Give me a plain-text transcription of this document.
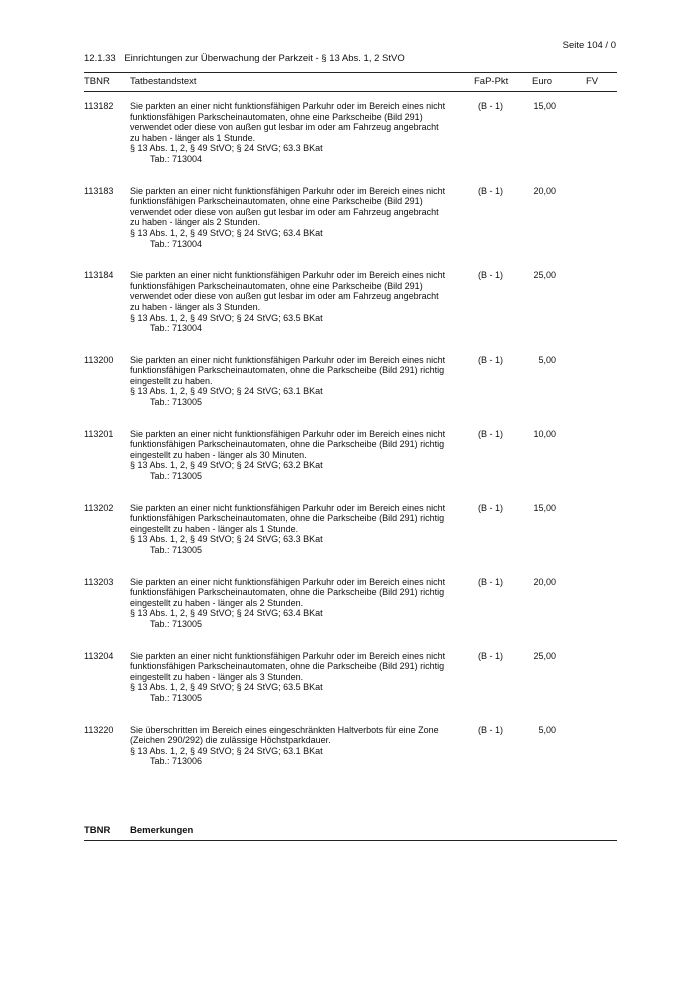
Seite 104 / 0
12.1.33 Einrichtungen zur Überwachung der Parkzeit - § 13 Abs. 1, 2 StVO
TBNR Tatbestandstext	FaP-Pkt Euro	FV
113182 Sie parkten an einer nicht funktionsfähigen Parkuhr oder im Bereich eines nicht
funktionsfähigen Parkscheinautomaten, ohne eine Parkscheibe (Bild 291)
verwendet oder diese von außen gut lesbar im oder am Fahrzeug angebracht
zu haben - länger als 1 Stunde.
§ 13 Abs. 1, 2, § 49 StVO; § 24 StVG; 63.3 BKat
Tab.: 713004
(B - 1)	15,00
113183 Sie parkten an einer nicht funktionsfähigen Parkuhr oder im Bereich eines nicht
funktionsfähigen Parkscheinautomaten, ohne eine Parkscheibe (Bild 291)
verwendet oder diese von außen gut lesbar im oder am Fahrzeug angebracht
zu haben - länger als 2 Stunden.
§ 13 Abs. 1, 2, § 49 StVO; § 24 StVG; 63.4 BKat
Tab.: 713004
(B - 1)	20,00
113184 Sie parkten an einer nicht funktionsfähigen Parkuhr oder im Bereich eines nicht
funktionsfähigen Parkscheinautomaten, ohne eine Parkscheibe (Bild 291)
verwendet oder diese von außen gut lesbar im oder am Fahrzeug angebracht
zu haben - länger als 3 Stunden.
§ 13 Abs. 1, 2, § 49 StVO; § 24 StVG; 63.5 BKat
Tab.: 713004
(B - 1)	25,00
113200 Sie parkten an einer nicht funktionsfähigen Parkuhr oder im Bereich eines nicht
funktionsfähigen Parkscheinautomaten, ohne die Parkscheibe (Bild 291) richtig
eingestellt zu haben.
§ 13 Abs. 1, 2, § 49 StVO; § 24 StVG; 63.1 BKat
Tab.: 713005
(B - 1)	5,00
113201 Sie parkten an einer nicht funktionsfähigen Parkuhr oder im Bereich eines nicht
funktionsfähigen Parkscheinautomaten, ohne die Parkscheibe (Bild 291) richtig
eingestellt zu haben - länger als 30 Minuten.
§ 13 Abs. 1, 2, § 49 StVO; § 24 StVG; 63.2 BKat
Tab.: 713005
(B - 1)	10,00
113202 Sie parkten an einer nicht funktionsfähigen Parkuhr oder im Bereich eines nicht
funktionsfähigen Parkscheinautomaten, ohne die Parkscheibe (Bild 291) richtig
eingestellt zu haben - länger als 1 Stunde.
§ 13 Abs. 1, 2, § 49 StVO; § 24 StVG; 63.3 BKat
Tab.: 713005
(B - 1)	15,00
113203 Sie parkten an einer nicht funktionsfähigen Parkuhr oder im Bereich eines nicht
funktionsfähigen Parkscheinautomaten, ohne die Parkscheibe (Bild 291) richtig
eingestellt zu haben - länger als 2 Stunden.
§ 13 Abs. 1, 2, § 49 StVO; § 24 StVG; 63.4 BKat
Tab.: 713005
(B - 1)	20,00
113204 Sie parkten an einer nicht funktionsfähigen Parkuhr oder im Bereich eines nicht
funktionsfähigen Parkscheinautomaten, ohne die Parkscheibe (Bild 291) richtig
eingestellt zu haben - länger als 3 Stunden.
§ 13 Abs. 1, 2, § 49 StVO; § 24 StVG; 63.5 BKat
Tab.: 713005
(B - 1)	25,00
113220 Sie überschritten im Bereich eines eingeschränkten Haltverbots für eine Zone
(Zeichen 290/292) die zulässige Höchstparkdauer.
§ 13 Abs. 1, 2, § 49 StVO; § 24 StVG; 63.1 BKat
Tab.: 713006
(B - 1)	5,00
TBNR Bemerkungen
